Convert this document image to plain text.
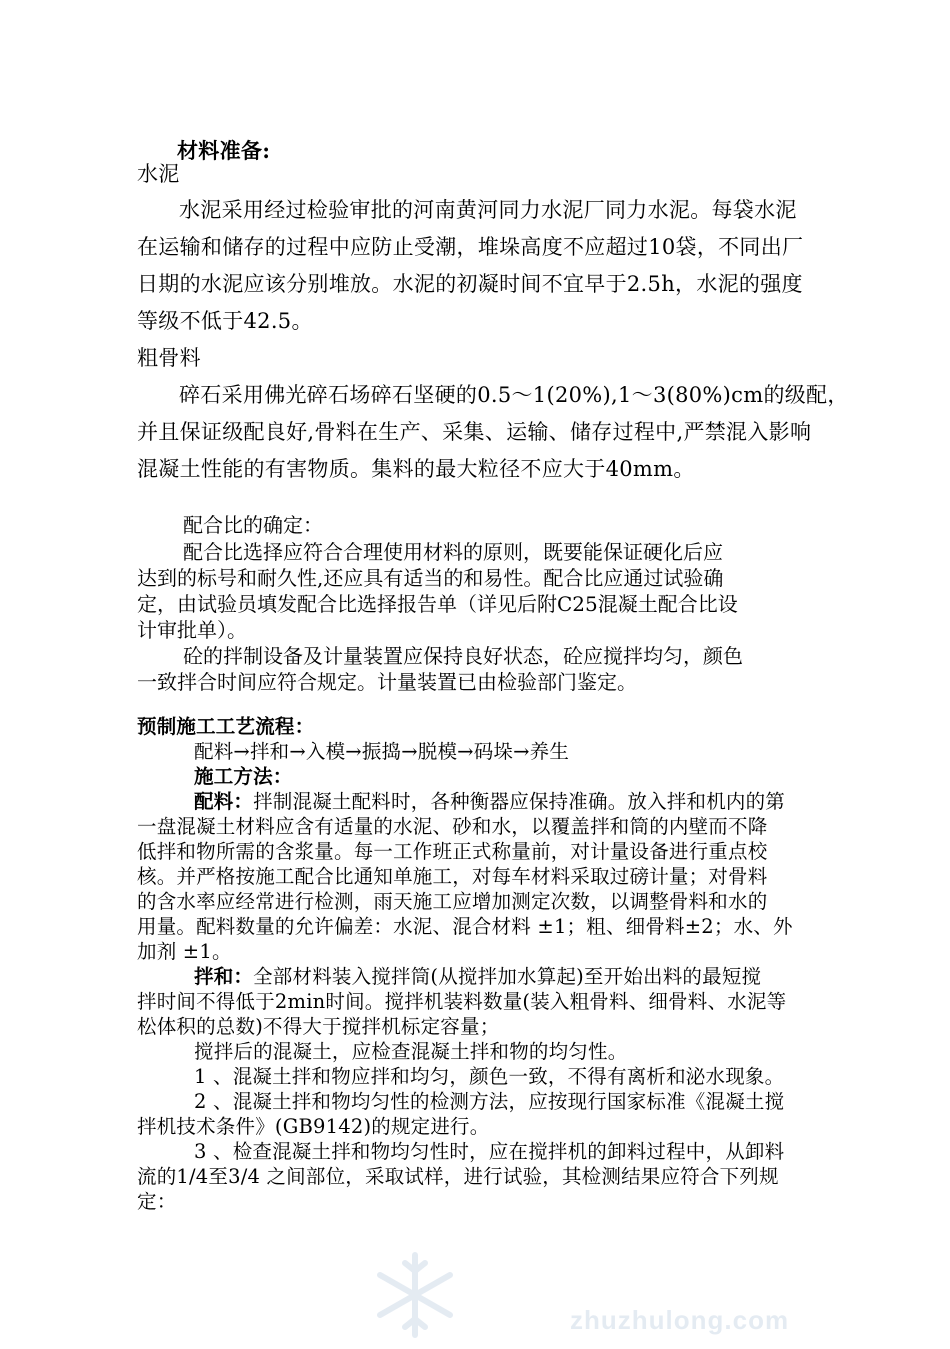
材料准备:
水泥
水泥采用经过检验审批的河南黄河同力水泥厂同力水泥。每袋水泥
在运输和储存的过程中应防止受潮，堆垛高度不应超过10袋，不同出厂
日期的水泥应该分别堆放。水泥的初凝时间不宜早于2.5h，水泥的强度
等级不低于42.5。
粗骨料
碎石采用佛光碎石场碎石坚硬的0.5～1(20%),1～3(80%)cm的级配，
并且保证级配良好,骨料在生产、采集、运输、储存过程中,严禁混入影响
混凝土性能的有害物质。集料的最大粒径不应大于40mm。
配合比的确定：
配合比选择应符合合理使用材料的原则，既要能保证硬化后应
达到的标号和耐久性,还应具有适当的和易性。配合比应通过试验确
定，由试验员填发配合比选择报告单（详见后附C25混凝土配合比设
计审批单）。
砼的拌制设备及计量装置应保持良好状态，砼应搅拌均匀，颜色
一致拌合时间应符合规定。计量装置已由检验部门鉴定。
预制施工工艺流程：
配料→拌和→入模→振捣→脱模→码垛→养生
施工方法：
配料：拌制混凝土配料时，各种衡器应保持准确。放入拌和机内的第
一盘混凝土材料应含有适量的水泥、砂和水，以覆盖拌和筒的内壁而不降
低拌和物所需的含浆量。每一工作班正式称量前，对计量设备进行重点校
核。并严格按施工配合比通知单施工，对每车材料采取过磅计量；对骨料
的含水率应经常进行检测，雨天施工应增加测定次数，以调整骨料和水的
用量。配料数量的允许偏差：水泥、混合材料 ±1；粗、细骨料±2；水、外
加剂 ±1。
拌和：全部材料装入搅拌筒(从搅拌加水算起)至开始出料的最短搅
拌时间不得低于2min时间。搅拌机装料数量(装入粗骨料、细骨料、水泥等
松体积的总数)不得大于搅拌机标定容量；
搅拌后的混凝土，应检查混凝土拌和物的均匀性。
1 、混凝土拌和物应拌和均匀，颜色一致，不得有离析和泌水现象。
2 、混凝土拌和物均匀性的检测方法，应按现行国家标准《混凝土搅
拌机技术条件》(GB9142)的规定进行。
3 、检查混凝土拌和物均匀性时，应在搅拌机的卸料过程中，从卸料
流的1/4至3/4 之间部位，采取试样，进行试验，其检测结果应符合下列规
定：
zhuzhulong.com
